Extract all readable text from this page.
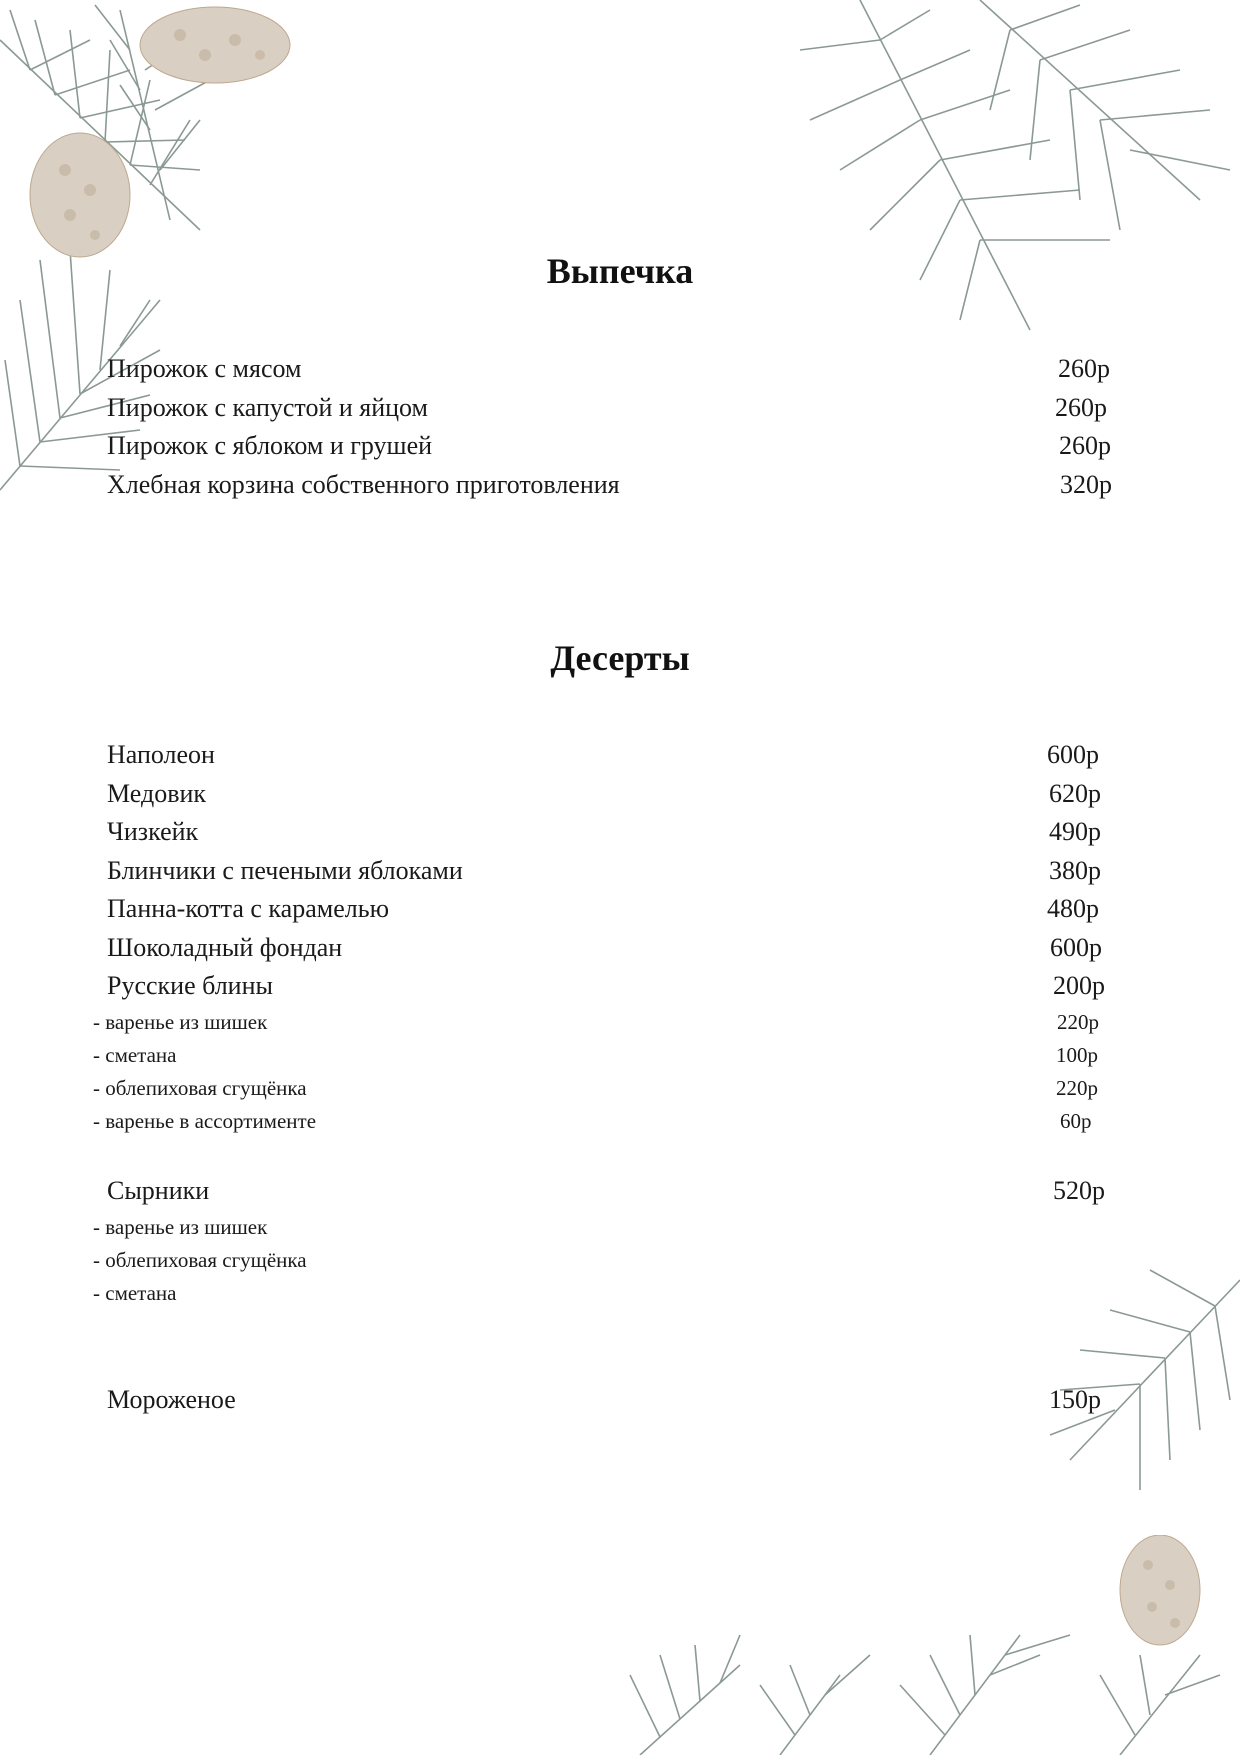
Выпечка
Пирожок с мясом	260р
Пирожок с капустой и яйцом	260р
Пирожок с яблоком и грушей	260р
Хлебная корзина собственного приготовления	320р
Десерты
Наполеон	600р
Медовик	620р
Чизкейк	490р
Блинчики с печеными яблоками	380р
Панна-котта с карамелью	480р
Шоколадный фондан	600р
Русские блины	200р
- варенье из шишек	220р
- сметана	100р
- облепиховая сгущёнка	220р
- варенье в ассортименте	60р
Сырники	520р
- варенье из шишек
- облепиховая сгущёнка
- сметана
Мороженое	150р
